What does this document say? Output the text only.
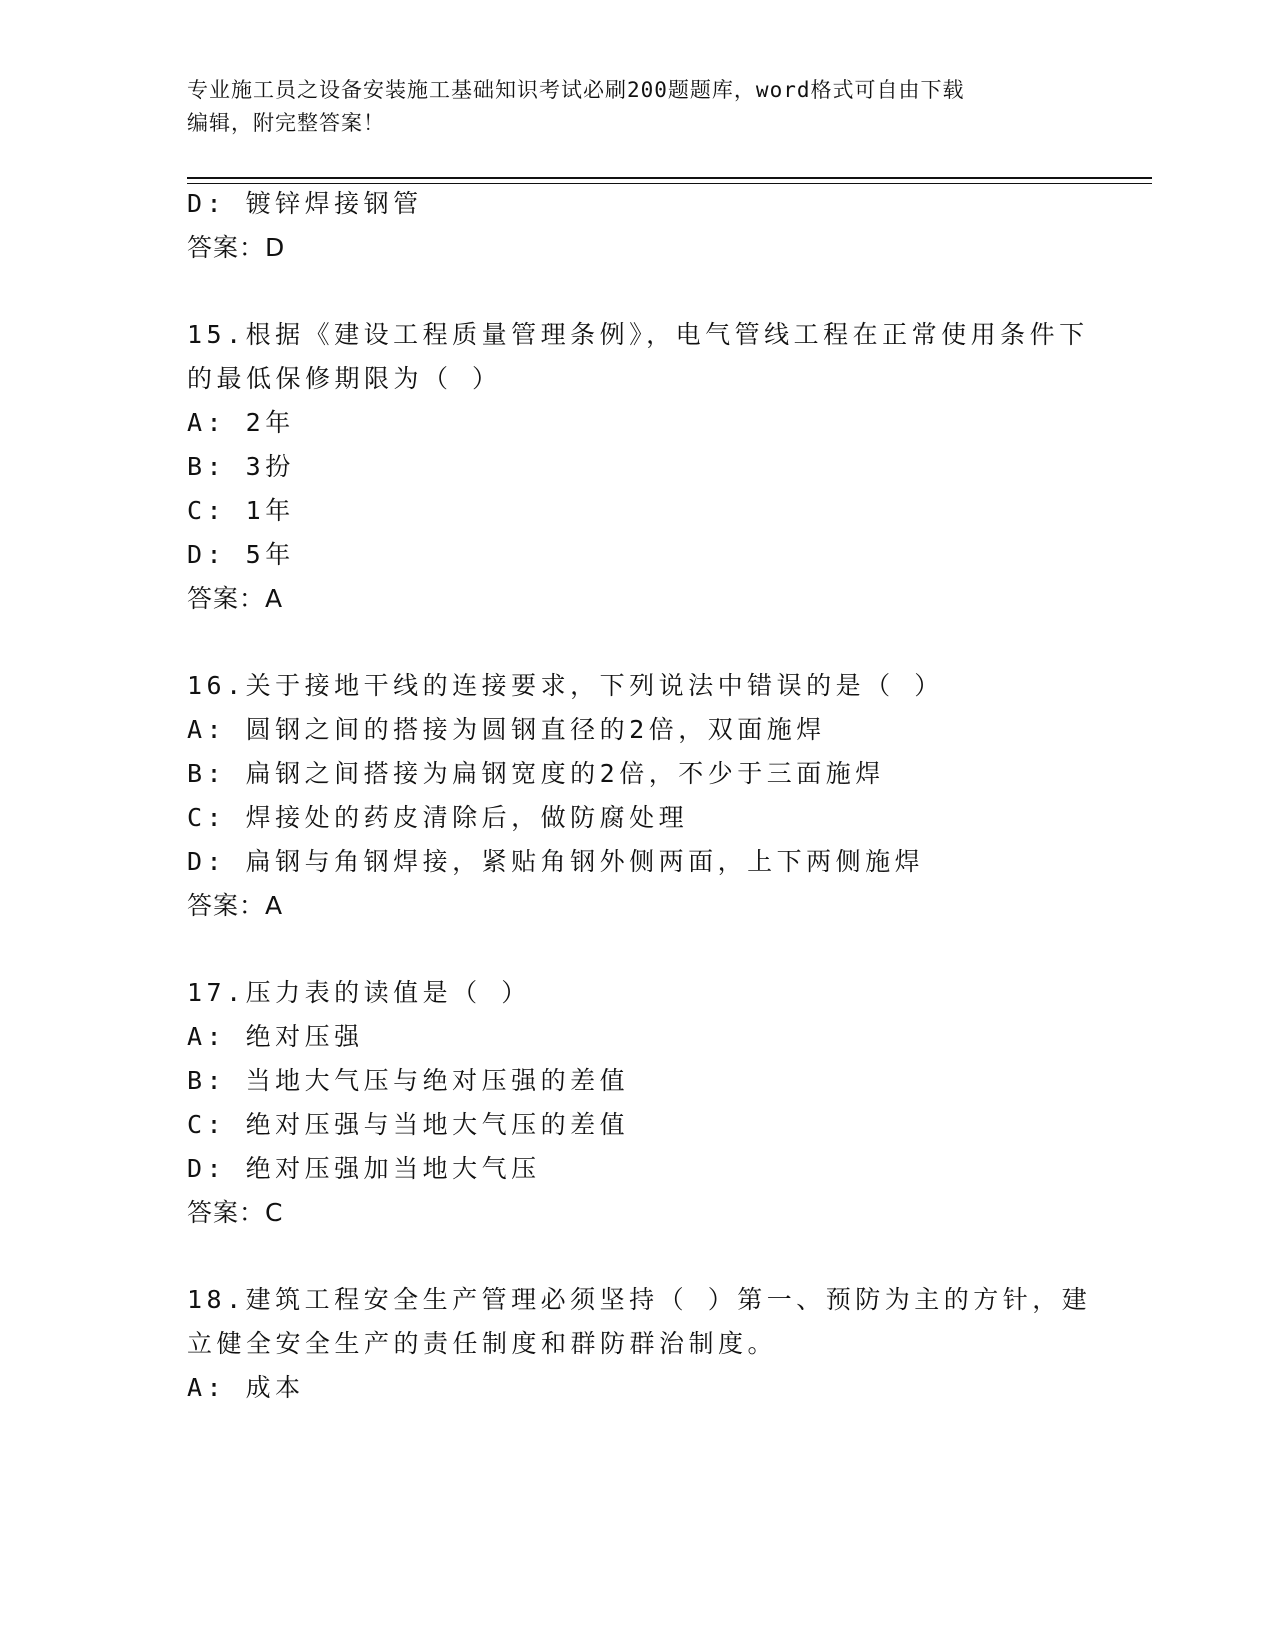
专业施工员之设备安装施工基础知识考试必刷200题题库，word格式可自由下载
编辑，附完整答案！
D: 镀锌焊接钢管
答案：D
15.根据《建设工程质量管理条例》，电气管线工程在正常使用条件下
的最低保修期限为（ ）
A: 2年
B: 3扮
C: 1年
D: 5年
答案：A
16.关于接地干线的连接要求，下列说法中错误的是（ ）
A: 圆钢之间的搭接为圆钢直径的2倍，双面施焊
B: 扁钢之间搭接为扁钢宽度的2倍，不少于三面施焊
C: 焊接处的药皮清除后，做防腐处理
D: 扁钢与角钢焊接，紧贴角钢外侧两面，上下两侧施焊
答案：A
17.压力表的读值是（ ）
A: 绝对压强
B: 当地大气压与绝对压强的差值
C: 绝对压强与当地大气压的差值
D: 绝对压强加当地大气压
答案：C
18.建筑工程安全生产管理必须坚持（ ）第一、预防为主的方针，建
立健全安全生产的责任制度和群防群治制度。
A: 成本
